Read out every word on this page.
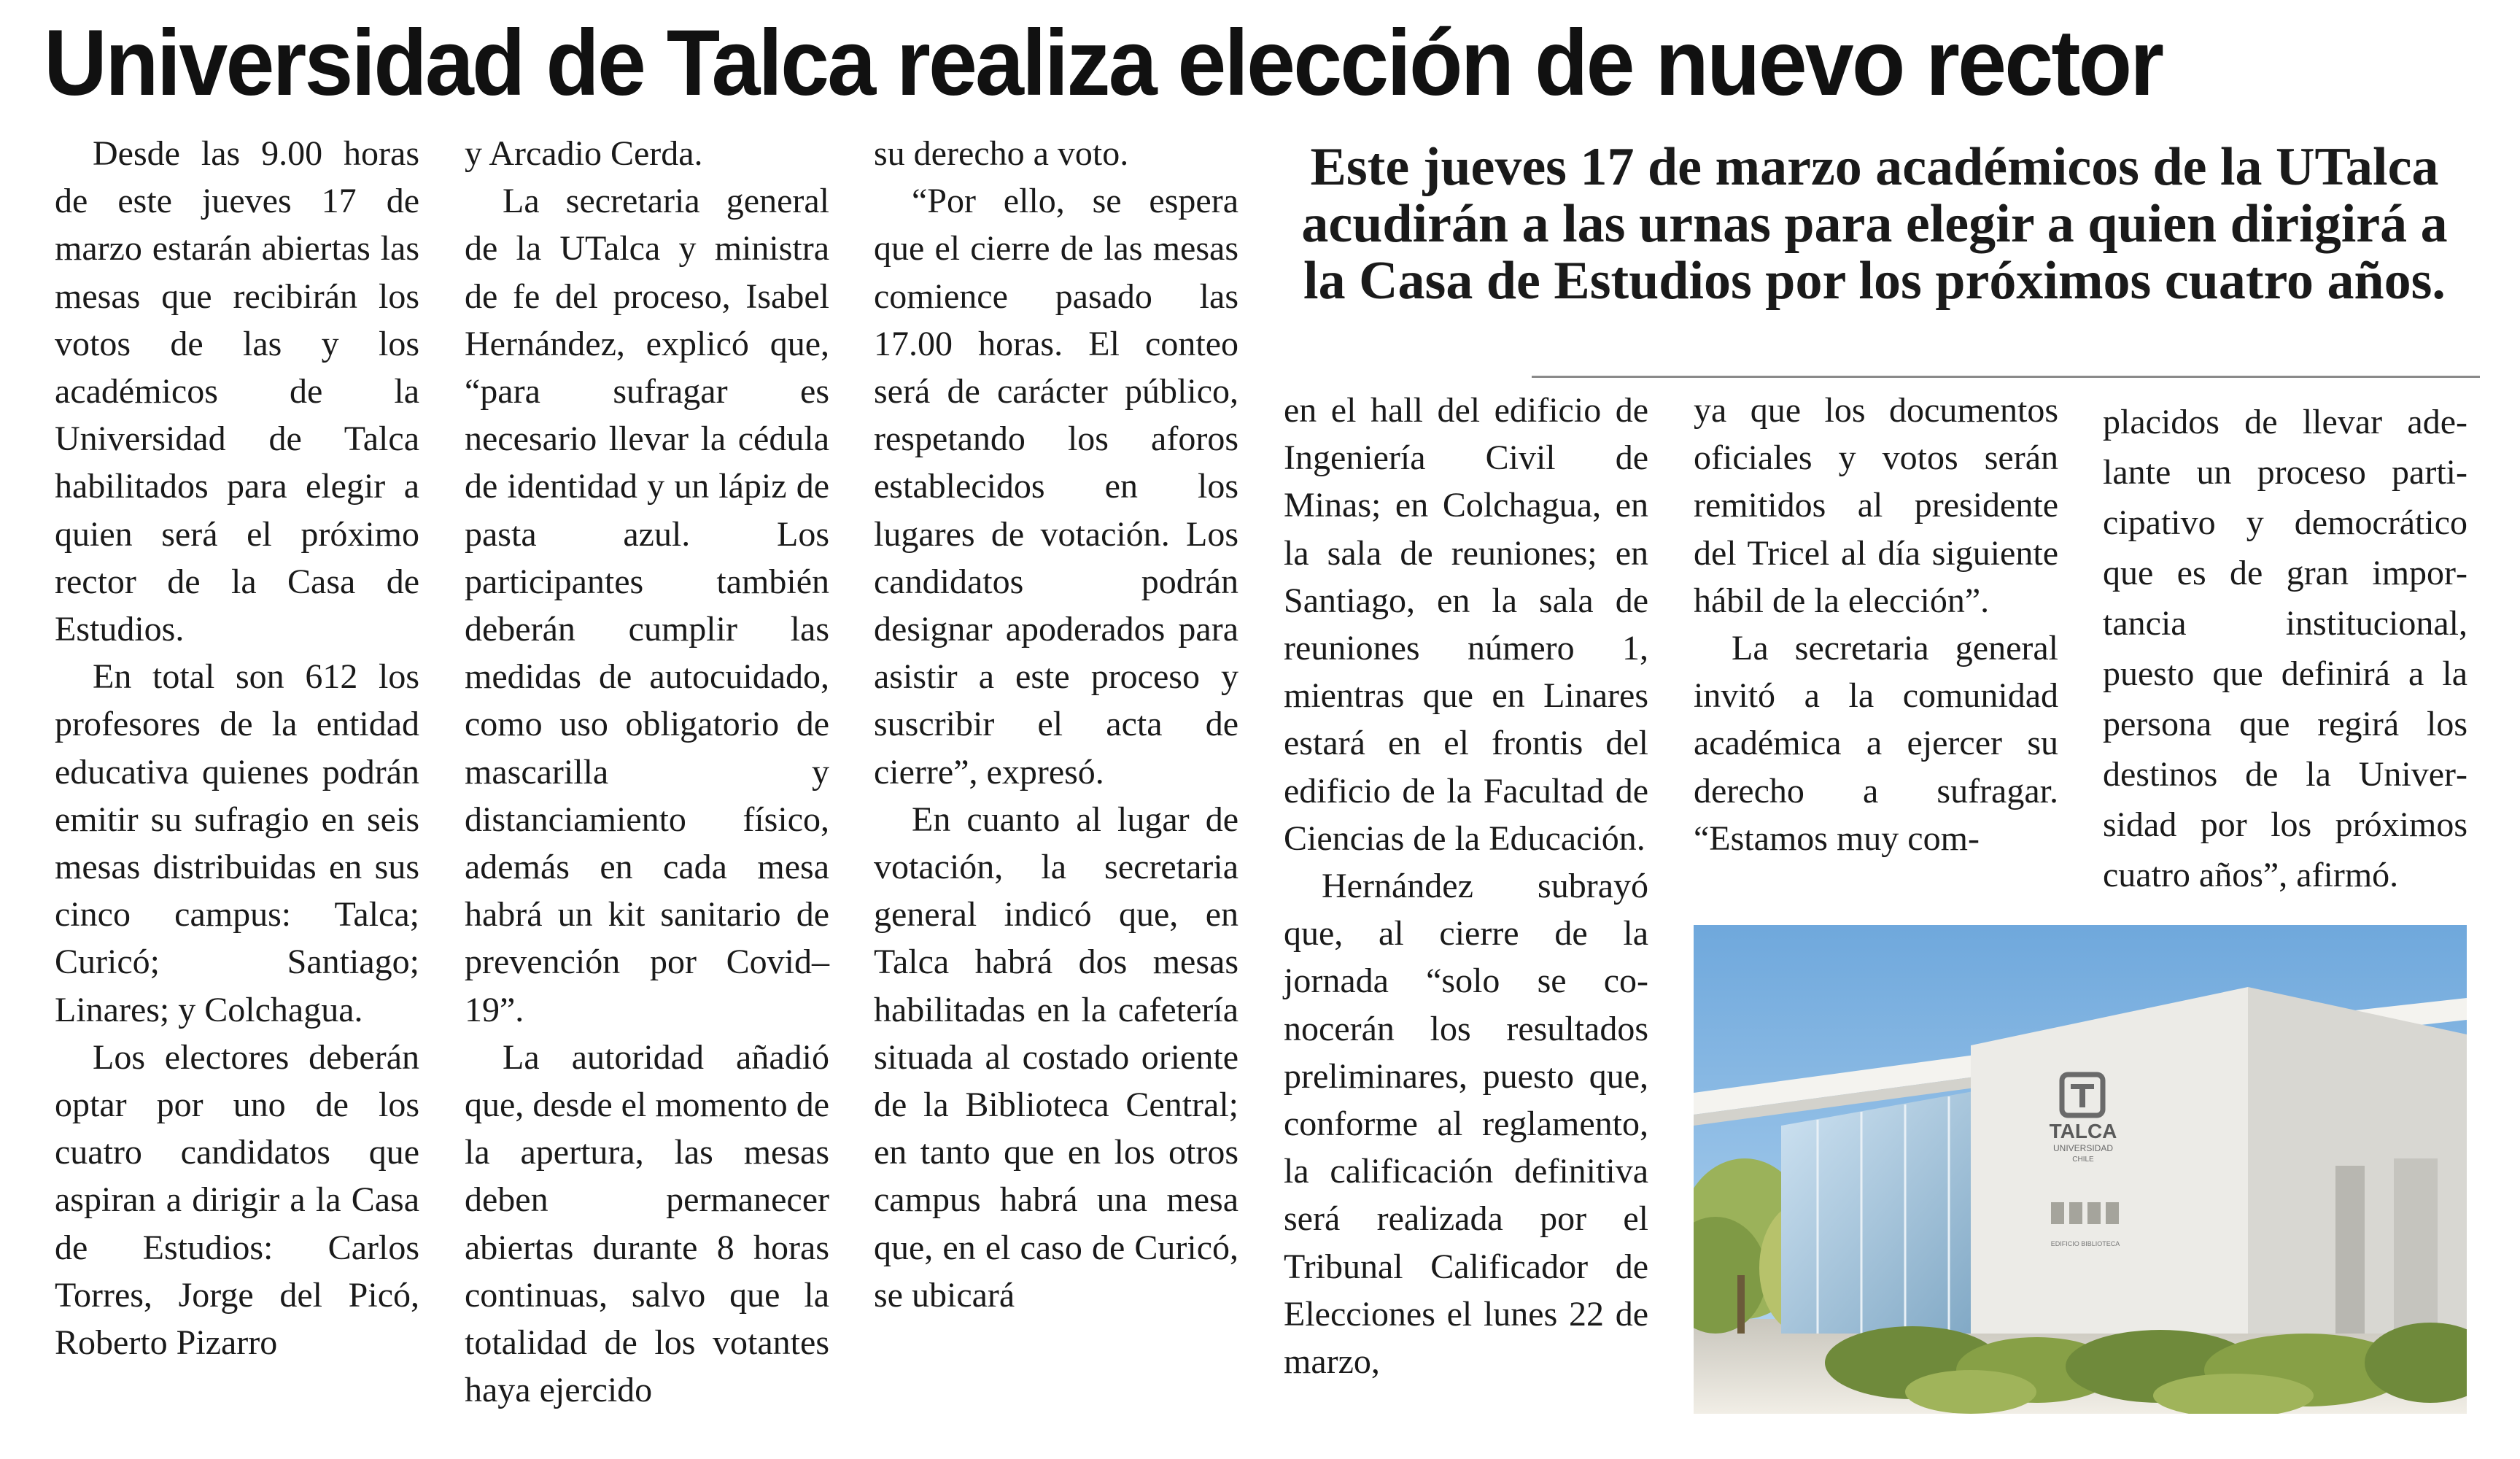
Universidad de Talca realiza elección de nuevo rector

Desde las 9.00 horas de este jueves 17 de marzo estarán abiertas las mesas que recibirán los votos de las y los académicos de la Universidad de Talca habilitados para elegir a quien será el próximo rector de la Casa de Estudios.

En total son 612 los profesores de la entidad educativa quienes podrán emitir su sufragio en seis mesas distribuidas en sus cinco campus: Talca; Curicó; Santiago; Linares; y Colchagua.

Los electores deberán optar por uno de los cuatro candidatos que aspiran a dirigir a la Casa de Estudios: Carlos Torres, Jorge del Picó, Roberto Pizarro

y Arcadio Cerda.

La secretaria general de la UTalca y ministra de fe del proceso, Isabel Hernández, explicó que, “para sufragar es necesario llevar la cédula de identidad y un lápiz de pasta azul. Los participantes también deberán cumplir las medidas de autocuidado, como uso obligatorio de mascarilla y distanciamiento físico, además en cada mesa habrá un kit sanitario de prevención por Covid–19”.

La autoridad añadió que, desde el momento de la apertura, las mesas deben permanecer abiertas durante 8 horas continuas, salvo que la totalidad de los votantes haya ejercido

su derecho a voto.

“Por ello, se espera que el cierre de las mesas comience pasado las 17.00 horas. El conteo será de carácter público, respetando los aforos establecidos en los lugares de votación. Los candidatos podrán designar apoderados para asistir a este proceso y suscribir el acta de cierre”, expresó.

En cuanto al lugar de votación, la secretaria general indicó que, en Talca habrá dos mesas habilitadas en la cafetería situada al costado oriente de la Biblioteca Central; en tanto que en los otros campus habrá una mesa que, en el caso de Curicó, se ubicará

Este jueves 17 de marzo académicos de la UTalca acudirán a las urnas para elegir a quien dirigirá a la Casa de Estudios por los próximos cuatro años.

en el hall del edificio de Ingeniería Civil de Minas; en Colchagua, en la sala de reuniones; en Santiago, en la sala de reuniones número 1, mientras que en Linares estará en el frontis del edificio de la Facultad de Ciencias de la Educación.

Hernández subrayó que, al cierre de la jornada “solo se conocerán los resultados preliminares, puesto que, conforme al reglamento, la calificación definitiva será realizada por el Tribunal Calificador de Elecciones el lunes 22 de marzo,

ya que los documentos oficiales y votos serán remitidos al presidente del Tricel al día siguiente hábil de la elección”.

La secretaria general invitó a la comunidad académica a ejercer su derecho a sufragar. “Estamos muy com-

placidos de llevar adelante un proceso participativo y democrático que es de gran importancia institucional, puesto que definirá a la persona que regirá los destinos de la Universidad por los próximos cuatro años”, afirmó.

TALCA
UNIVERSIDAD
CHILE
EDIFICIO BIBLIOTECA
